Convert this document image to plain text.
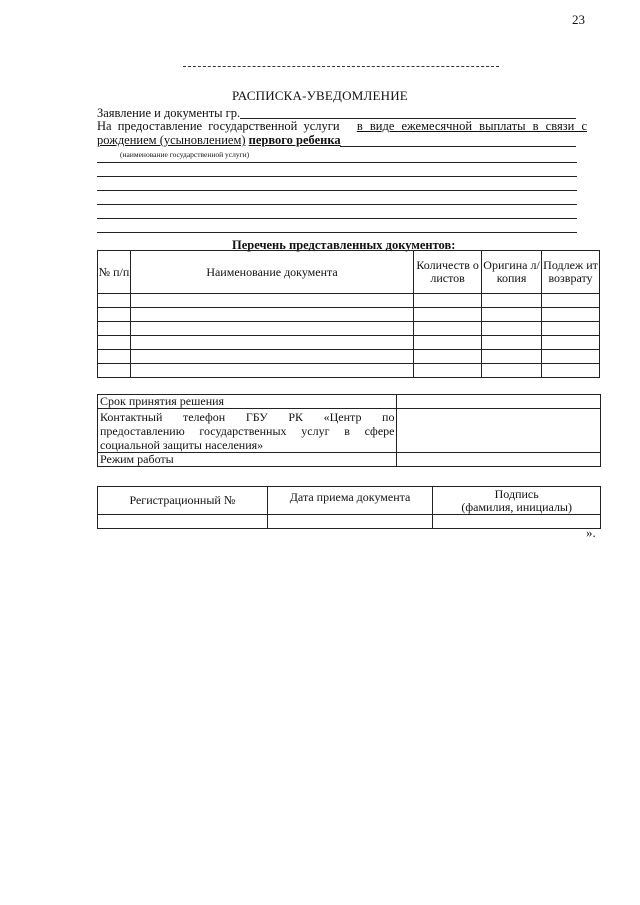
23
РАСПИСКА-УВЕДОМЛЕНИЕ
Заявление и документы гр.
На предоставление государственной услуги в виде ежемесячной выплаты в связи с
рождением (усыновлением) первого ребенка
(наименование государственной услуги)
Перечень представленных документов:
№ п/п	Наименование документа	Количеств о листов	Оригина л/копия	Подлеж ит возврату

Срок принятия решения	

Контактный телефон ГБУ РК «Центр по
предоставлению государственных услуг в сфере
социальной защиты населения»	

Режим работы	
Регистрационный №	Дата приема документа	Подпись
(фамилия, инициалы)

».
